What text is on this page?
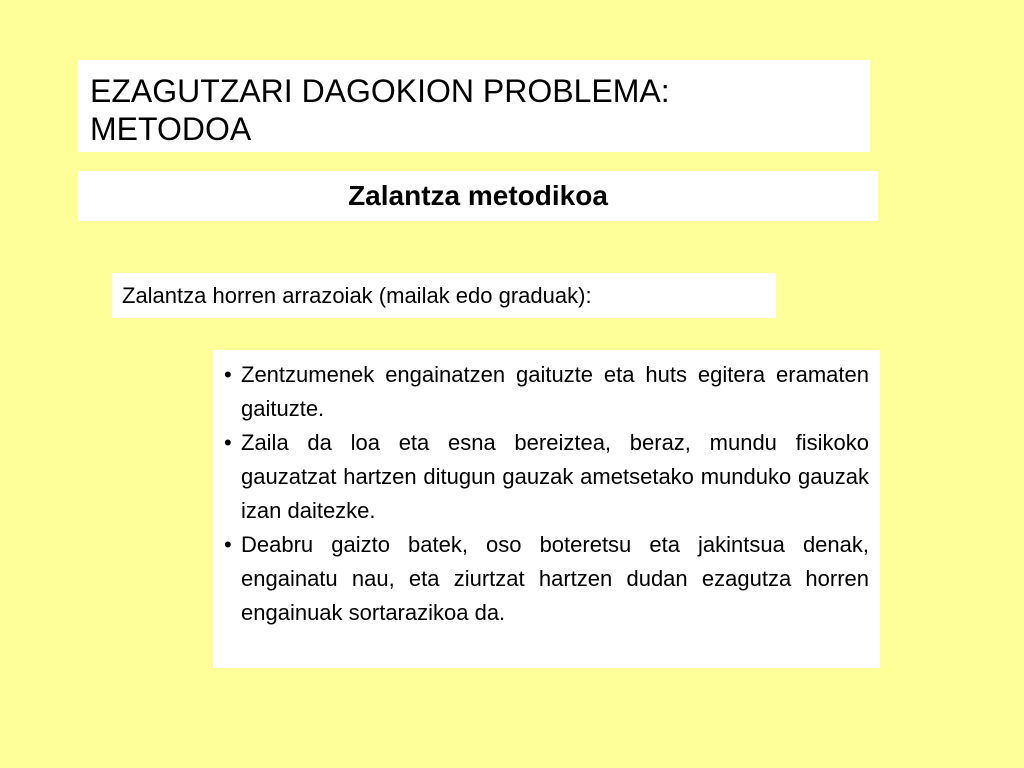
EZAGUTZARI DAGOKION PROBLEMA:
METODOA
Zalantza metodikoa
Zalantza horren arrazoiak (mailak edo graduak):
• Zentzumenek engainatzen gaituzte eta huts egitera eramaten gaituzte.
• Zaila da loa eta esna bereiztea, beraz, mundu fisikoko gauzatzat hartzen ditugun gauzak ametsetako munduko gauzak izan daitezke.
• Deabru gaizto batek, oso boteretsu eta jakintsua denak, engainatu nau, eta ziurtzat hartzen dudan ezagutza horren engainuak sortarazikoa da.
